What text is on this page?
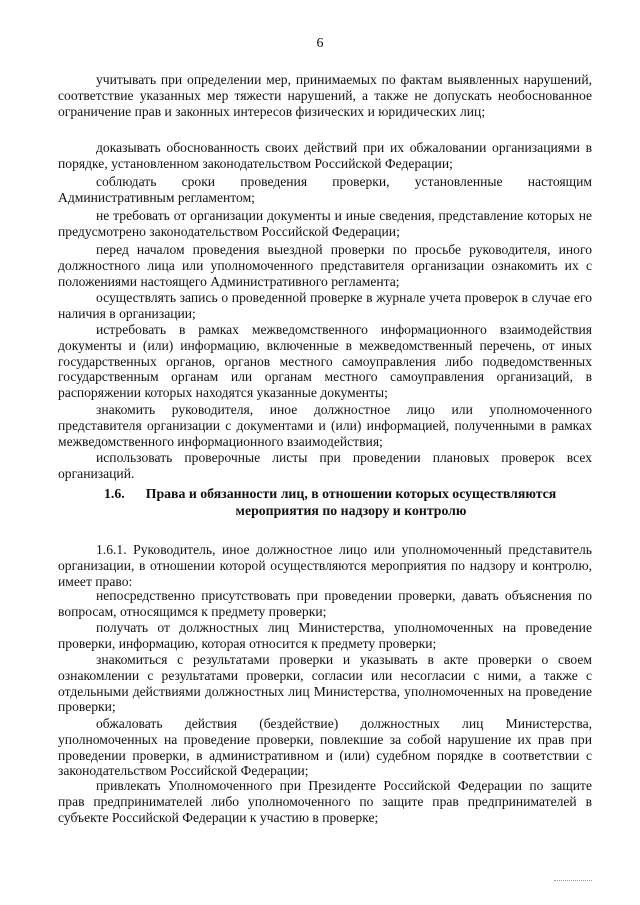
6

учитывать при определении мер, принимаемых по фактам выявленных нарушений, соответствие указанных мер тяжести нарушений, а также не допускать необоснованное ограничение прав и законных интересов физических и юридических лиц;

доказывать обоснованность своих действий при их обжаловании организациями в порядке, установленном законодательством Российской Федерации;

соблюдать сроки проведения проверки, установленные настоящим Административным регламентом;

не требовать от организации документы и иные сведения, представление которых не предусмотрено законодательством Российской Федерации;

перед началом проведения выездной проверки по просьбе руководителя, иного должностного лица или уполномоченного представителя организации ознакомить их с положениями настоящего Административного регламента;

осуществлять запись о проведенной проверке в журнале учета проверок в случае его наличия в организации;

истребовать в рамках межведомственного информационного взаимодействия документы и (или) информацию, включенные в межведомственный перечень, от иных государственных органов, органов местного самоуправления либо подведомственных государственным органам или органам местного самоуправления организаций, в распоряжении которых находятся указанные документы;

знакомить руководителя, иное должностное лицо или уполномоченного представителя организации с документами и (или) информацией, полученными в рамках межведомственного информационного взаимодействия;

использовать проверочные листы при проведении плановых проверок всех организаций.

1.6.	Права и обязанности лиц, в отношении которых осуществляются мероприятия по надзору и контролю

1.6.1. Руководитель, иное должностное лицо или уполномоченный представитель организации, в отношении которой осуществляются мероприятия по надзору и контролю, имеет право:

непосредственно присутствовать при проведении проверки, давать объяснения по вопросам, относящимся к предмету проверки;

получать от должностных лиц Министерства, уполномоченных на проведение проверки, информацию, которая относится к предмету проверки;

знакомиться с результатами проверки и указывать в акте проверки о своем ознакомлении с результатами проверки, согласии или несогласии с ними, а также с отдельными действиями должностных лиц Министерства, уполномоченных на проведение проверки;

обжаловать действия (бездействие) должностных лиц Министерства, уполномоченных на проведение проверки, повлекшие за собой нарушение их прав при проведении проверки, в административном и (или) судебном порядке в соответствии с законодательством Российской Федерации;

привлекать Уполномоченного при Президенте Российской Федерации по защите прав предпринимателей либо уполномоченного по защите прав предпринимателей в субъекте Российской Федерации к участию в проверке;
